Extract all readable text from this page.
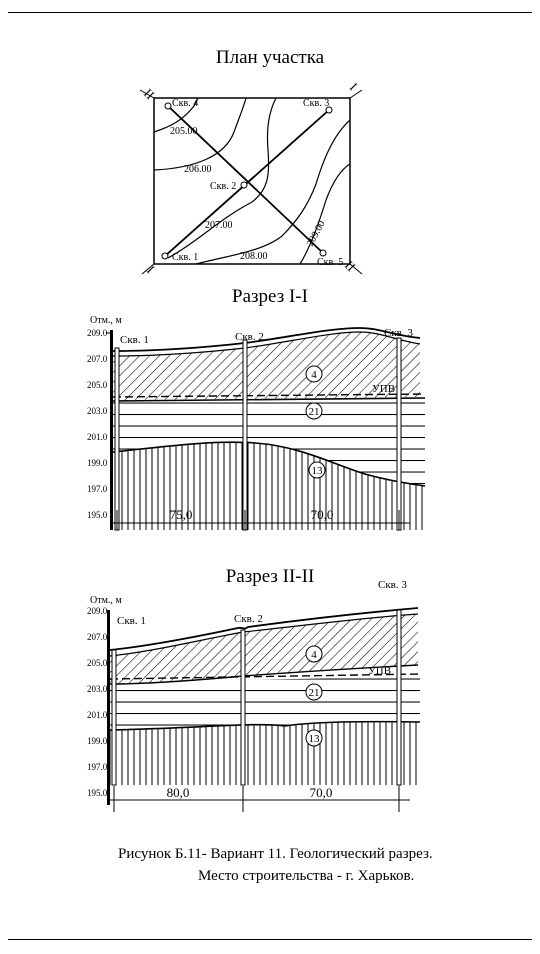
План участка
Разрез I-I
Разрез II-II
Скв. 1
Скв. 2
Скв. 3
Скв. 4
Скв. 5
205.00
206.00
207.00
208.00
209.00
II	I
I	II
Отм., м
209.0
207.0
205.0
203.0
201.0
199.0
197.0
195.0
Скв. 1	Скв. 2	Скв. 3
4
21
13
УПВ
75,0	70,0
Отм., м
209.0
207.0
205.0
203.0
201.0
199.0
197.0
195.0
Скв. 1	Скв. 2
Скв. 3
4
21
13
УПВ
80,0	70,0
Рисунок Б.11- Вариант 11. Геологический разрез.
Место строительства - г. Харьков.
